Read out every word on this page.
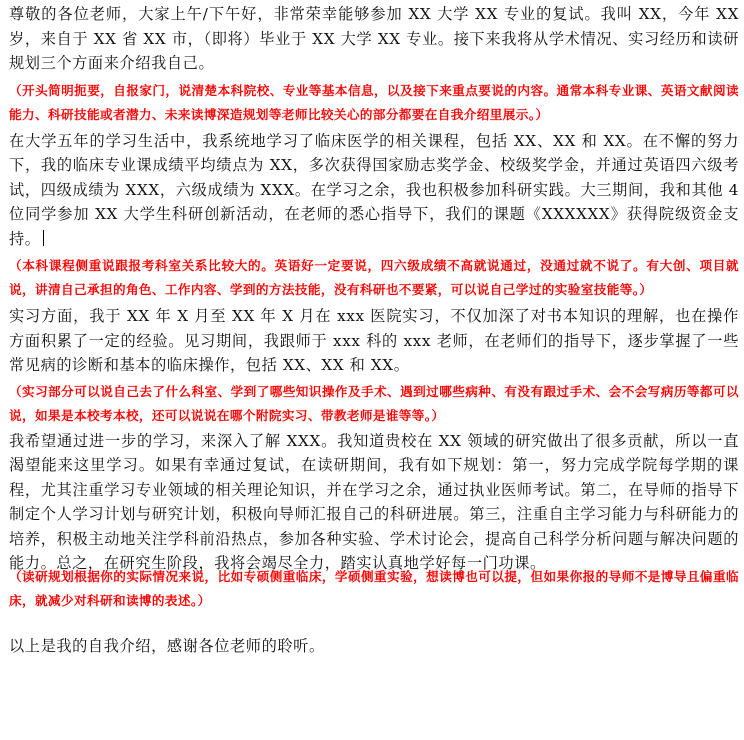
尊敬的各位老师，大家上午/下午好，非常荣幸能够参加 XX 大学 XX 专业的复试。我叫 XX，今年 XX 岁，来自于 XX 省 XX 市，（即将）毕业于 XX 大学 XX 专业。接下来我将从学术情况、实习经历和读研规划三个方面来介绍我自己。

（开头简明扼要，自报家门，说清楚本科院校、专业等基本信息，以及接下来重点要说的内容。通常本科专业课、英语文献阅读能力、科研技能或者潜力、未来读博深造规划等老师比较关心的部分都要在自我介绍里展示。）

在大学五年的学习生活中，我系统地学习了临床医学的相关课程，包括 XX、XX 和 XX。在不懈的努力下，我的临床专业课成绩平均绩点为 XX，多次获得国家励志奖学金、校级奖学金，并通过英语四六级考试，四级成绩为 XXX，六级成绩为 XXX。在学习之余，我也积极参加科研实践。大三期间，我和其他 4 位同学参加 XX 大学生科研创新活动，在老师的悉心指导下，我们的课题《XXXXXX》获得院级资金支持。

（本科课程侧重说跟报考科室关系比较大的。英语好一定要说，四六级成绩不高就说通过，没通过就不说了。有大创、项目就说，讲清自己承担的角色、工作内容、学到的方法技能，没有科研也不要紧，可以说自己学过的实验室技能等。）

实习方面，我于 XX 年 X 月至 XX 年 X 月在 xxx 医院实习，不仅加深了对书本知识的理解，也在操作方面积累了一定的经验。见习期间，我跟师于 xxx 科的 xxx 老师，在老师们的指导下，逐步掌握了一些常见病的诊断和基本的临床操作，包括 XX、XX 和 XX。

（实习部分可以说自己去了什么科室、学到了哪些知识操作及手术、遇到过哪些病种、有没有跟过手术、会不会写病历等都可以说，如果是本校考本校，还可以说说在哪个附院实习、带教老师是谁等等。）

我希望通过进一步的学习，来深入了解 XXX。我知道贵校在 XX 领域的研究做出了很多贡献，所以一直渴望能来这里学习。如果有幸通过复试，在读研期间，我有如下规划：第一，努力完成学院每学期的课程，尤其注重学习专业领域的相关理论知识，并在学习之余，通过执业医师考试。第二，在导师的指导下制定个人学习计划与研究计划，积极向导师汇报自己的科研进展。第三，注重自主学习能力与科研能力的培养，积极主动地关注学科前沿热点，参加各种实验、学术讨论会，提高自己科学分析问题与解决问题的能力。总之，在研究生阶段，我将会竭尽全力，踏实认真地学好每一门功课。

（读研规划根据你的实际情况来说，比如专硕侧重临床，学硕侧重实验，想读博也可以提，但如果你报的导师不是博导且偏重临床，就减少对科研和读博的表述。）

以上是我的自我介绍，感谢各位老师的聆听。
